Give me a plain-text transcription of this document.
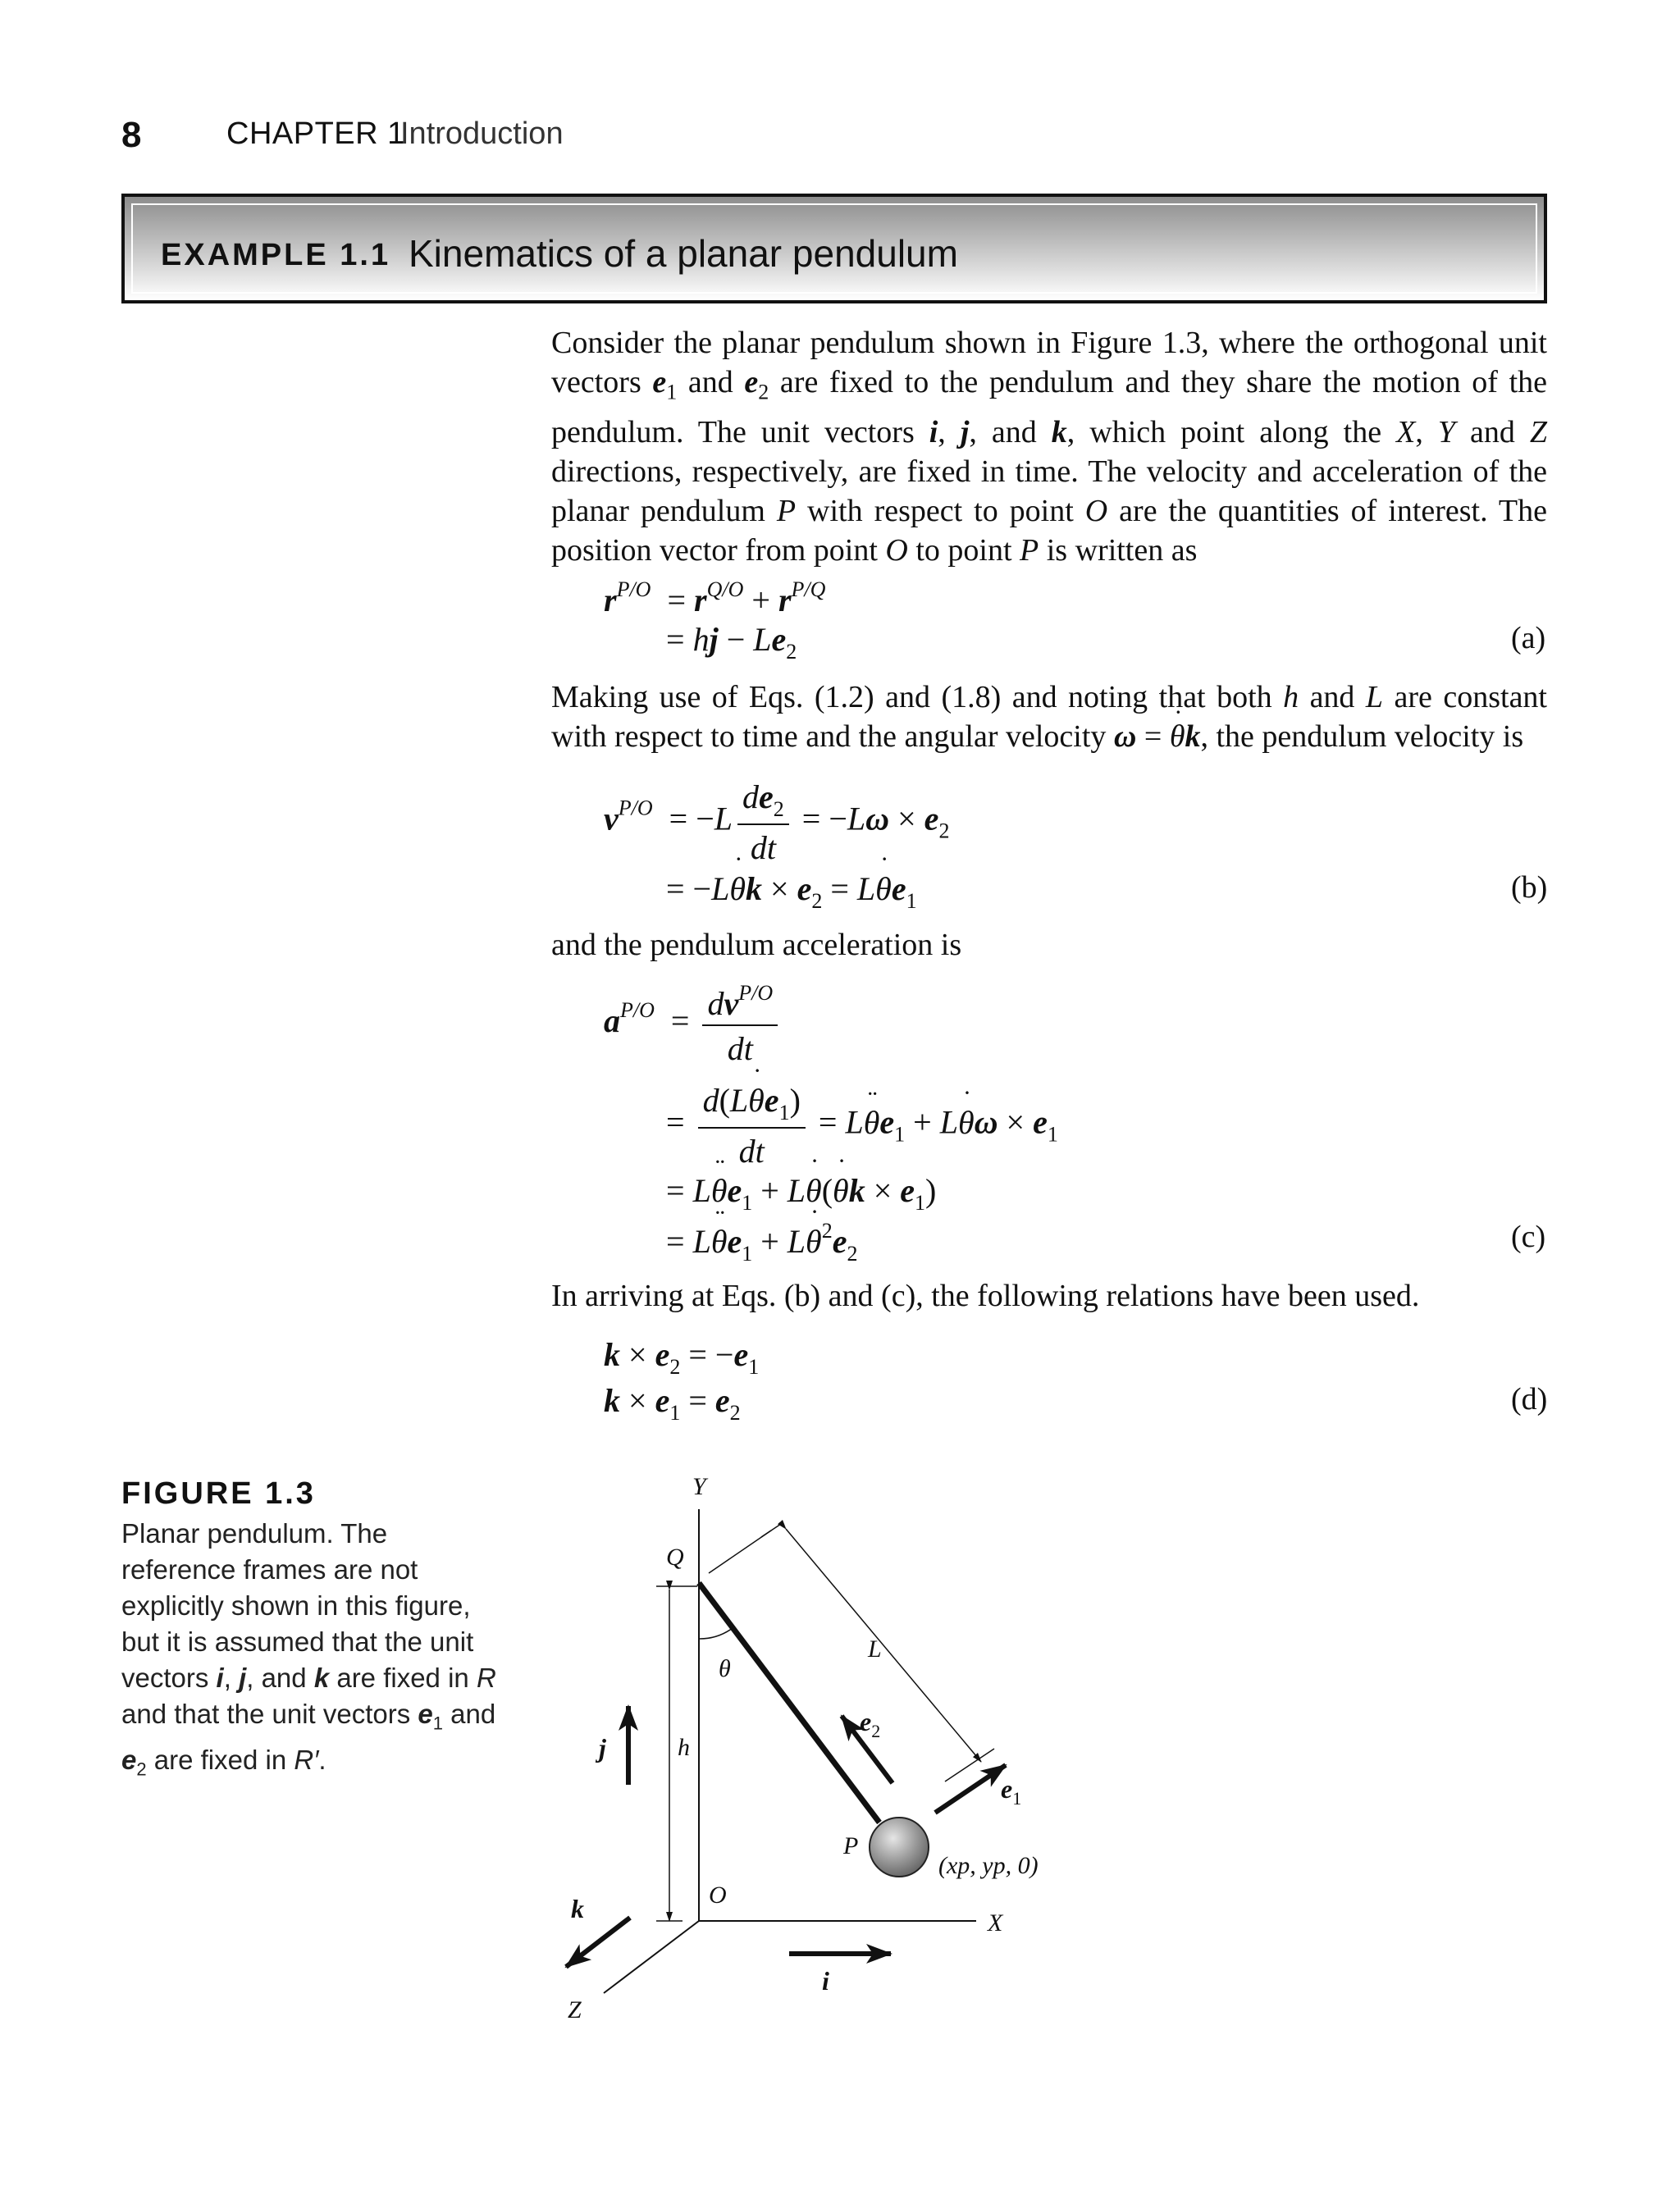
8	CHAPTER 1
Introduction
EXAMPLE 1.1 Kinematics of a planar pendulum
Consider the planar pendulum shown in Figure 1.3, where the orthogonal unit vectors $e_1$ and $e_2$ are fixed to the pendulum and they share the motion of the pendulum. The unit vectors i, j, and k, which point along the X, Y and Z directions, respectively, are fixed in time. The velocity and acceleration of the planar pendulum P with respect to point O are the quantities of interest. The position vector from point O to point P is written as
$r^{P/O} = r^{Q/O} + r^{P/Q}$
= hj − $Le_2$	(a)
Making use of Eqs. (1.2) and (1.8) and noting that both h and L are constant with respect to time and the angular velocity ω = θ ˙k, the pendulum velocity is
$v^{P/O} = -L \frac{de_2}{dt} = -L\omega \times e_2$
= −Lθ ˙k × $e_2 = L\theta$ $˙e_1$	(b)
and the pendulum acceleration is
$a^{P/O} = \frac{dv^{P/O}}{dt}$
= $\frac{d(L\theta ˙e_1)}{dt} = L\theta$ $¨e_1 + L\theta$ ˙ω × $e_1$
= Lθ $¨e_1 + L\theta$ ˙(θ ˙k × $e_1$)
= Lθ $¨e_1 + L\theta$ $˙^2e_2$	(c)
In arriving at Eqs. (b) and (c), the following relations have been used.
$k \times e_2 = -e_1$
$k \times e_1 = e_2$	(d)
FIGURE 1.3
Planar pendulum. The reference frames are not explicitly shown in this figure, but it is assumed that the unit vectors i, j, and k are fixed in R and that the unit vectors $e_1$ and $e_2$ are fixed in R′.
Y
Q
θ
h
L
$e_2$
$e_1$
P
(xp, yp, 0)
O
X
j
k
i
Z
